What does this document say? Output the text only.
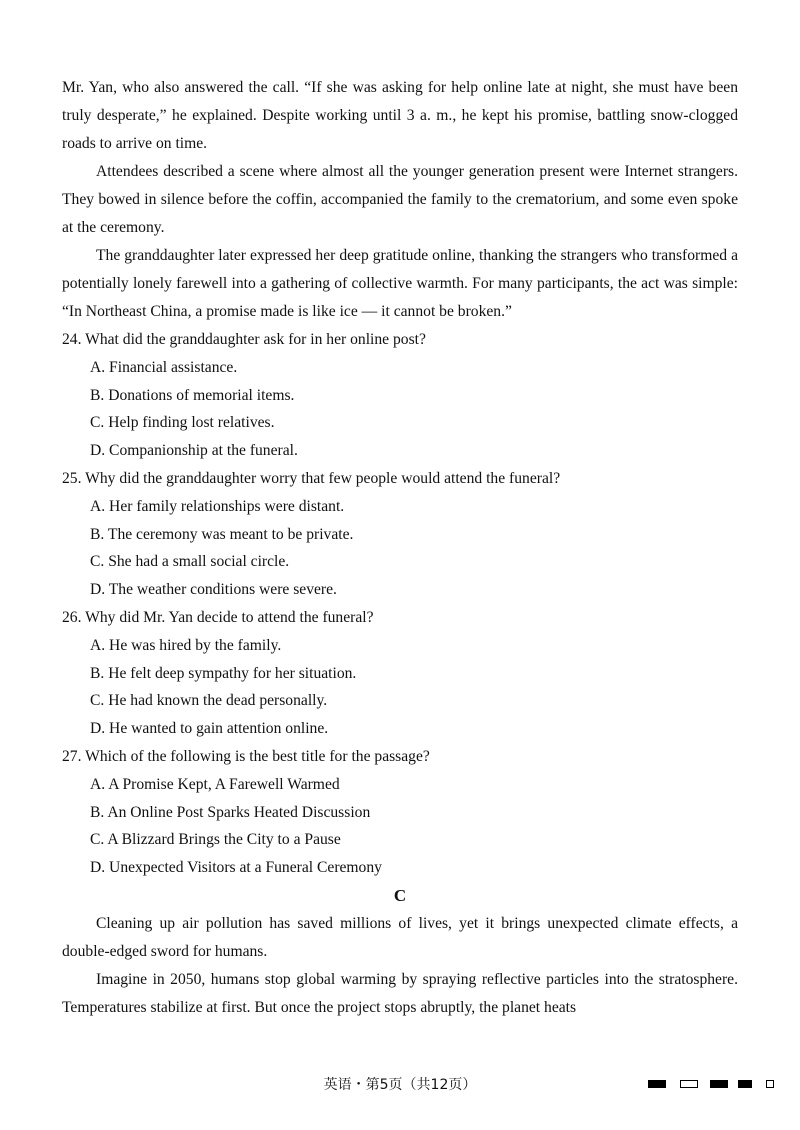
Mr. Yan, who also answered the call. “If she was asking for help online late at night, she must have been truly desperate,” he explained. Despite working until 3 a. m., he kept his promise, battling snow-clogged roads to arrive on time.

Attendees described a scene where almost all the younger generation present were Internet strangers. They bowed in silence before the coffin, accompanied the family to the crematorium, and some even spoke at the ceremony.

The granddaughter later expressed her deep gratitude online, thanking the strangers who transformed a potentially lonely farewell into a gathering of collective warmth. For many participants, the act was simple: “In Northeast China, a promise made is like ice — it cannot be broken.”

24. What did the granddaughter ask for in her online post?

A. Financial assistance.

B. Donations of memorial items.

C. Help finding lost relatives.

D. Companionship at the funeral.

25. Why did the granddaughter worry that few people would attend the funeral?

A. Her family relationships were distant.

B. The ceremony was meant to be private.

C. She had a small social circle.

D. The weather conditions were severe.

26. Why did Mr. Yan decide to attend the funeral?

A. He was hired by the family.

B. He felt deep sympathy for her situation.

C. He had known the dead personally.

D. He wanted to gain attention online.

27. Which of the following is the best title for the passage?

A. A Promise Kept, A Farewell Warmed

B. An Online Post Sparks Heated Discussion

C. A Blizzard Brings the City to a Pause

D. Unexpected Visitors at a Funeral Ceremony

C

Cleaning up air pollution has saved millions of lives, yet it brings unexpected climate effects, a double-edged sword for humans.

Imagine in 2050, humans stop global warming by spraying reflective particles into the stratosphere. Temperatures stabilize at first. But once the project stops abruptly, the planet heats

英语・第5页（共12页）
